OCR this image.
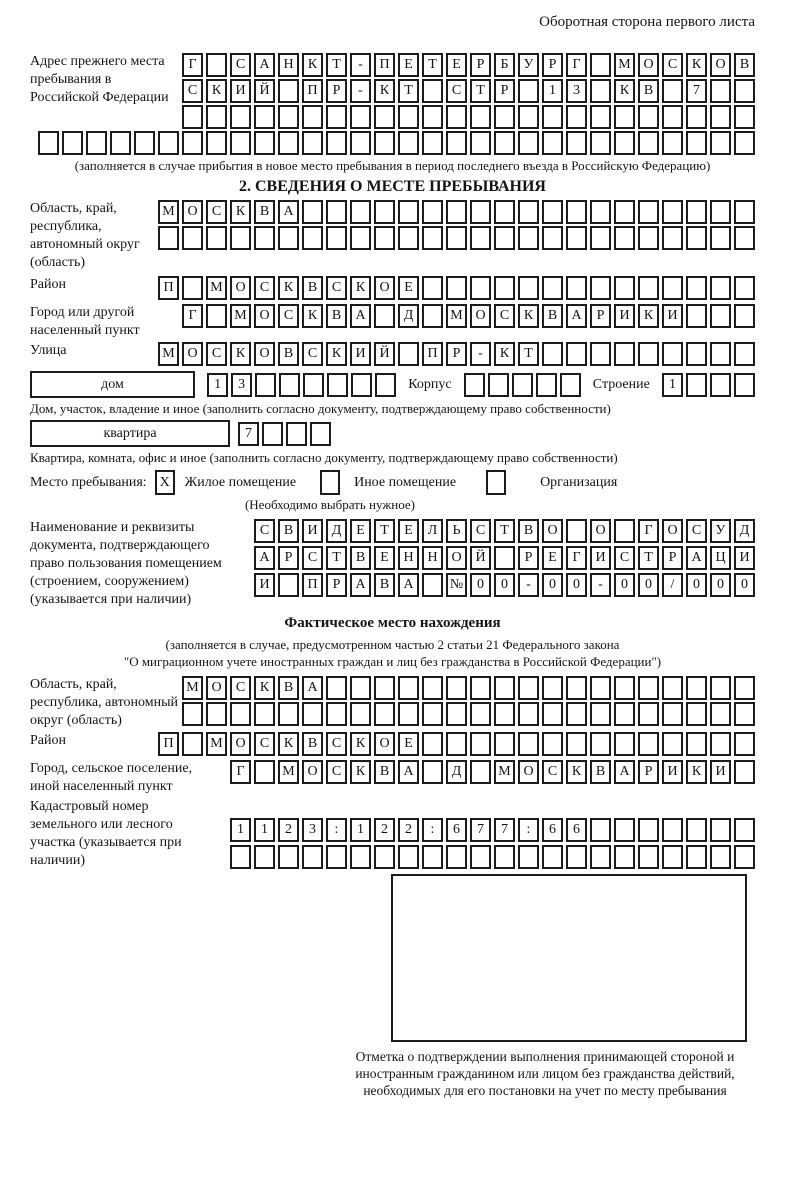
Оборотная сторона первого листа
Адрес прежнего места пребывания в Российской Федерации
Г	С	А Н	К	Т	-	П	Е	Т	Е	Р	Б	У	Р	Г	М О	С	К	О	В
С	К	И Й	П	Р	-	К	Т	С	Т	Р	1	3	К	В	7
(заполняется в случае прибытия в новое место пребывания в период последнего въезда в Российскую Федерацию)
2. СВЕДЕНИЯ О МЕСТЕ ПРЕБЫВАНИЯ
Область, край, республика, автономный округ (область)
М О	С	К	В	А
Район	П	М О	С	К	В	С	К	О	Е
Город или другой населенный пункт
Г	М О	С	К	В	А	Д	М О	С	К	В	А	Р	И	К	И
Улица	М О	С	К	О	В	С	К	И Й	П	Р	-	К	Т
дом	1	3	Корпус	Строение	1
Дом, участок, владение и иное (заполнить согласно документу, подтверждающему право собственности)
квартира	7
Квартира, комната, офис и иное (заполнить согласно документу, подтверждающему право собственности)
Место пребывания: X	Жилое помещение	Иное помещение	Организация
(Необходимо выбрать нужное)
Наименование и реквизиты документа, подтверждающего право пользования помещением (строением, сооружением) (указывается при наличии)
С	В	И	Д	Е	Т	Е	Л	Ь	С	Т	В	О	О	Г	О	С	У	Д
А	Р	С	Т	В	Е	Н Н О Й	Р	Е	Г	И	С	Т	Р	А Ц И
И	П	Р	А	В	А	№ 0	0	-	0	0	-	0	0	/	0	0	0
Фактическое место нахождения
(заполняется в случае, предусмотренном частью 2 статьи 21 Федерального закона
"О миграционном учете иностранных граждан и лиц без гражданства в Российской Федерации")
Область, край, республика, автономный округ (область)
М О	С	К	В	А
Район	П	М О	С	К	В	С	К	О	Е
Город, сельское поселение, иной населенный пункт
Г	М О	С	К	В	А	Д	М О	С	К	В	А	Р	И	К	И
Кадастровый номер земельного или лесного участка (указывается при наличии)
1	1	2	3	:	1	2	2	:	6	7	7	:	6	6
Отметка о подтверждении выполнения принимающей стороной и иностранным гражданином или лицом без гражданства действий, необходимых для его постановки на учет по месту пребывания
